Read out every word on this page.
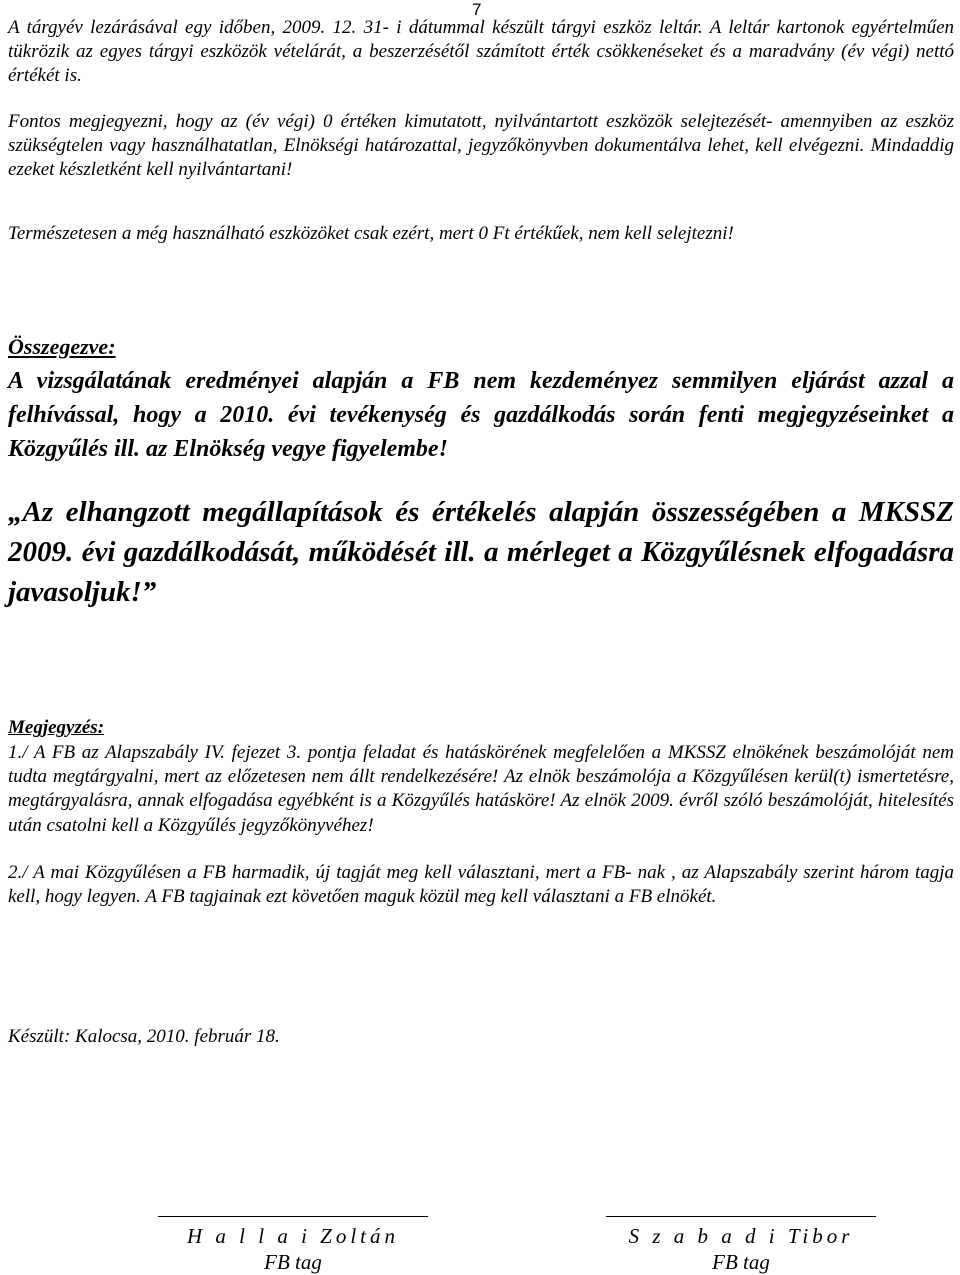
7
A tárgyév lezárásával egy időben, 2009. 12. 31- i dátummal készült tárgyi eszköz leltár. A leltár kartonok egyértelműen tükrözik az egyes tárgyi eszközök vételárát, a beszerzésétől számított érték csökkenéseket és a maradvány (év végi) nettó értékét is.
Fontos megjegyezni, hogy az (év végi) 0 értéken kimutatott, nyilvántartott eszközök selejtezését- amennyiben az eszköz szükségtelen vagy használhatatlan, Elnökségi határozattal, jegyzőkönyvben dokumentálva lehet, kell elvégezni. Mindaddig ezeket készletként kell nyilvántartani!
Természetesen a még használható eszközöket csak ezért, mert 0 Ft értékűek, nem kell selejtezni!
Összegezve:
A vizsgálatának eredményei alapján a FB nem kezdeményez semmilyen eljárást azzal a felhívással, hogy a 2010. évi tevékenység és gazdálkodás során fenti megjegyzéseinket a Közgyűlés ill. az Elnökség vegye figyelembe!
„Az elhangzott megállapítások és értékelés alapján összességében a MKSSZ 2009. évi gazdálkodását, működését ill. a mérleget a Közgyűlésnek elfogadásra javasoljuk!”
Megjegyzés:
1./ A FB az Alapszabály IV. fejezet 3. pontja feladat és hatáskörének megfelelően a MKSSZ elnökének beszámolóját nem tudta megtárgyalni, mert az előzetesen nem állt rendelkezésére! Az elnök beszámolója a Közgyűlésen kerül(t) ismertetésre, megtárgyalásra, annak elfogadása egyébként is a Közgyűlés hatásköre! Az elnök 2009. évről szóló beszámolóját, hitelesítés után csatolni kell a Közgyűlés jegyzőkönyvéhez!
2./ A mai Közgyűlésen a FB harmadik, új tagját meg kell választani, mert a FB- nak , az Alapszabály szerint három tagja kell, hogy legyen. A FB tagjainak ezt követően maguk közül meg kell választani a FB elnökét.
Készült: Kalocsa, 2010. február 18.
H a l l a i Zoltán
FB tag
S z a b a d i Tibor
FB tag
